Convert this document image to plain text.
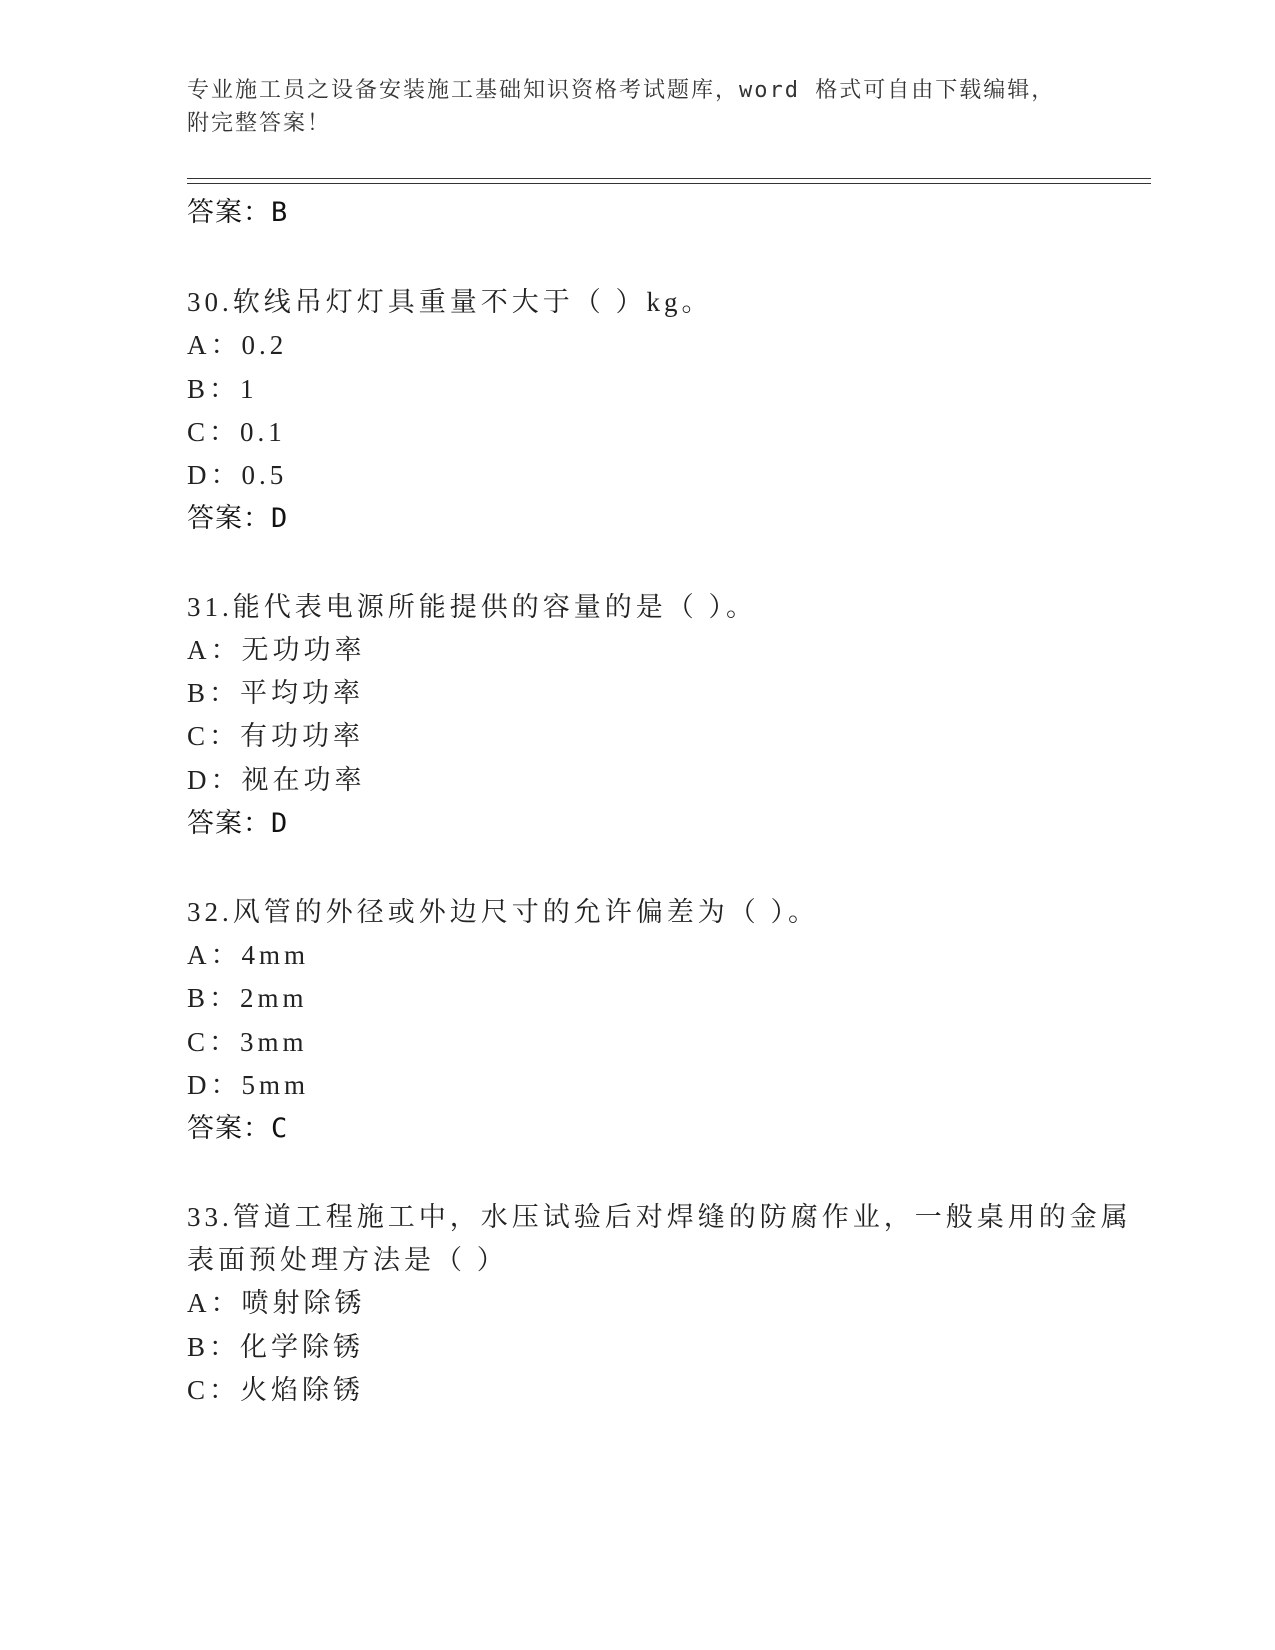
专业施工员之设备安装施工基础知识资格考试题库，word 格式可自由下载编辑，
附完整答案！
答案：B
30.软线吊灯灯具重量不大于（ ）kg。
A：0.2
B：1
C：0.1
D：0.5
答案：D
31.能代表电源所能提供的容量的是（ ）。
A：无功功率
B：平均功率
C：有功功率
D：视在功率
答案：D
32.风管的外径或外边尺寸的允许偏差为（ ）。
A：4mm
B：2mm
C：3mm
D：5mm
答案：C
33.管道工程施工中，水压试验后对焊缝的防腐作业，一般桌用的金属
表面预处理方法是（ ）
A：喷射除锈
B：化学除锈
C：火焰除锈
